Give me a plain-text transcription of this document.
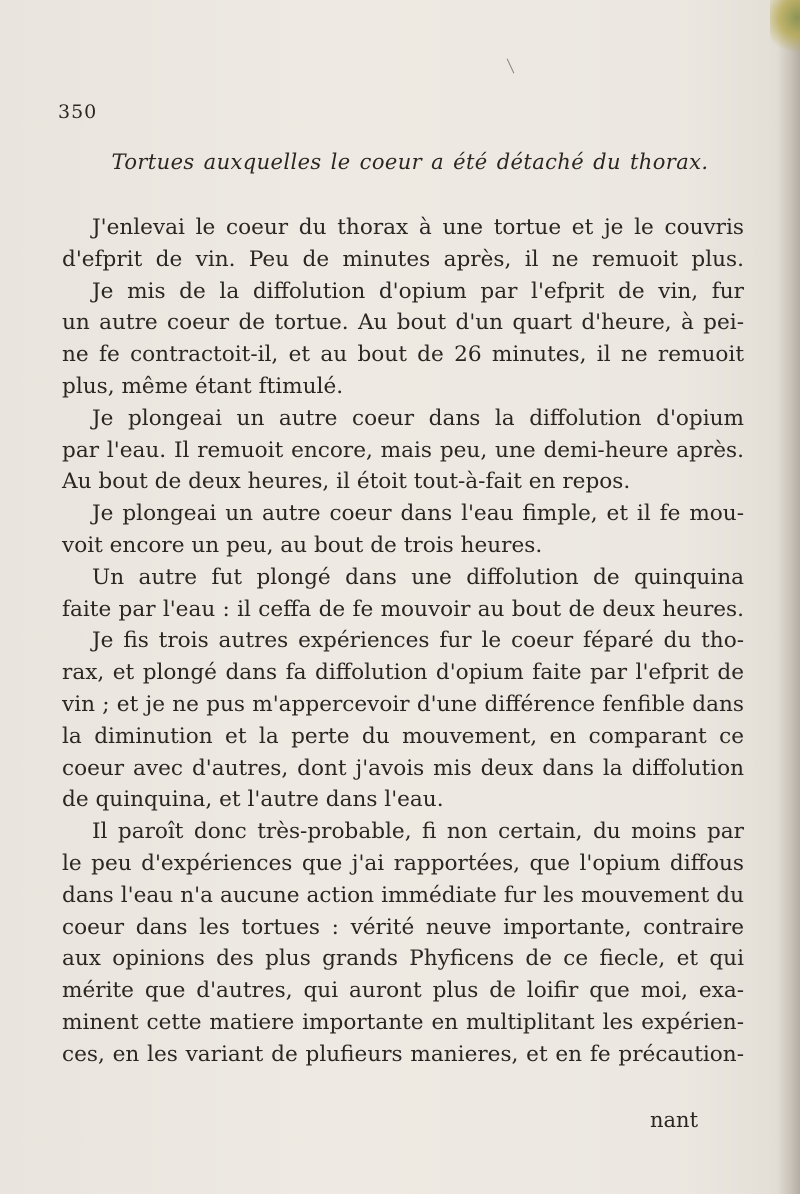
350
Tortues auxquelles le coeur a été détaché du thorax.
J'enlevai le coeur du thorax à une tortue et je le couvris
d'efprit de vin. Peu de minutes après, il ne remuoit plus.
Je mis de la diffolution d'opium par l'efprit de vin, fur
un autre coeur de tortue. Au bout d'un quart d'heure, à pei-
ne fe contractoit-il, et au bout de 26 minutes, il ne remuoit
plus, même étant ftimulé.
Je plongeai un autre coeur dans la diffolution d'opium
par l'eau. Il remuoit encore, mais peu, une demi-heure après.
Au bout de deux heures, il étoit tout-à-fait en repos.
Je plongeai un autre coeur dans l'eau fimple, et il fe mou-
voit encore un peu, au bout de trois heures.
Un autre fut plongé dans une diffolution de quinquina
faite par l'eau : il ceffa de fe mouvoir au bout de deux heures.
Je fis trois autres expériences fur le coeur féparé du tho-
rax, et plongé dans fa diffolution d'opium faite par l'efprit de
vin ; et je ne pus m'appercevoir d'une différence fenfible dans
la diminution et la perte du mouvement, en comparant ce
coeur avec d'autres, dont j'avois mis deux dans la diffolution
de quinquina, et l'autre dans l'eau.
Il paroît donc très-probable, fi non certain, du moins par
le peu d'expériences que j'ai rapportées, que l'opium diffous
dans l'eau n'a aucune action immédiate fur les mouvement du
coeur dans les tortues : vérité neuve importante, contraire
aux opinions des plus grands Phyficens de ce fiecle, et qui
mérite que d'autres, qui auront plus de loifir que moi, exa-
minent cette matiere importante en multiplitant les expérien-
ces, en les variant de plufieurs manieres, et en fe précaution-
nant
